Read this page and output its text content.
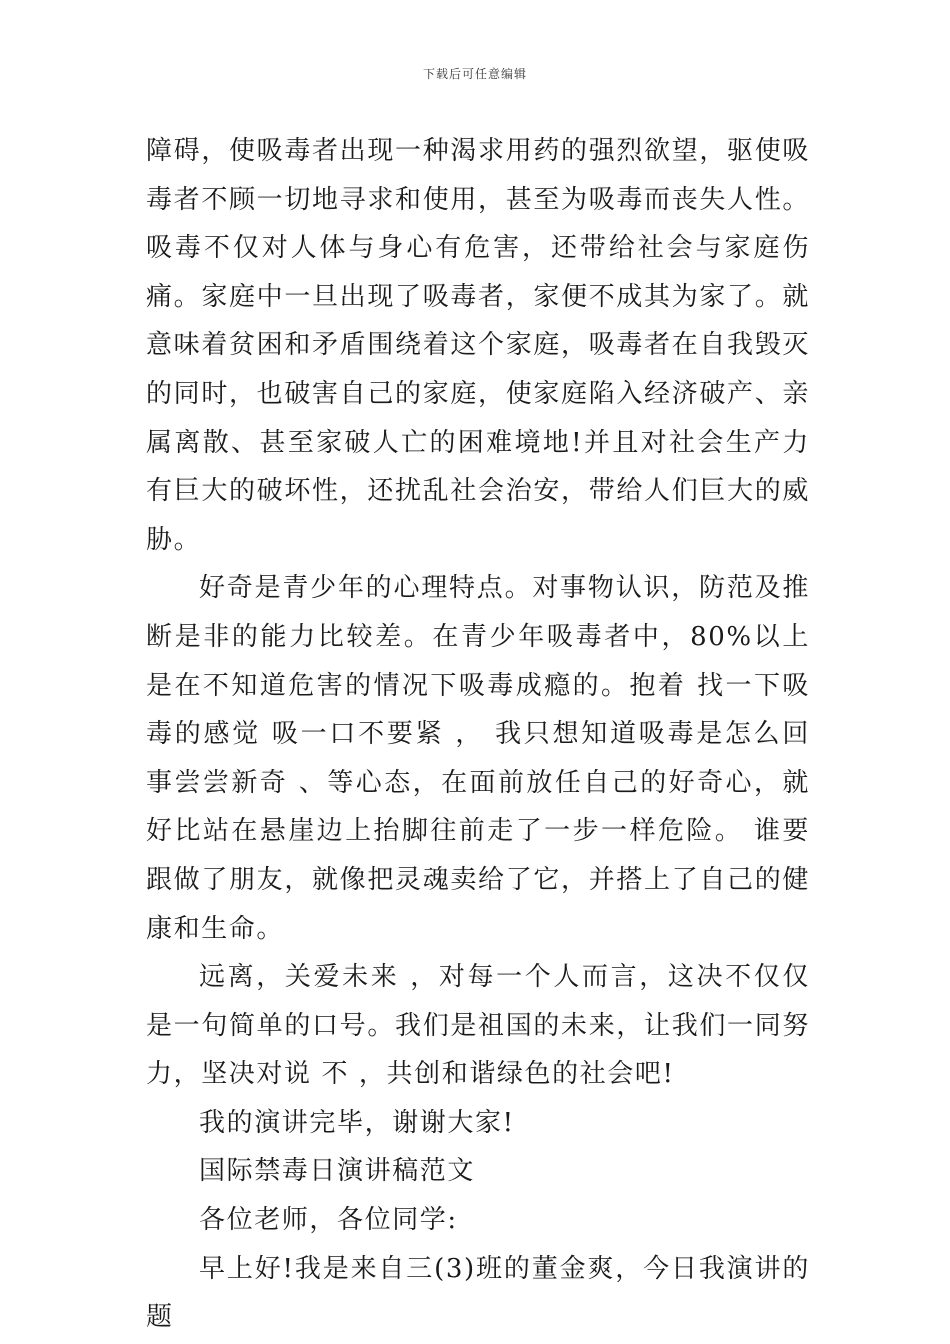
下载后可任意编辑

障碍，使吸毒者出现一种渴求用药的强烈欲望，驱使吸毒者不顾一切地寻求和使用，甚至为吸毒而丧失人性。吸毒不仅对人体与身心有危害，还带给社会与家庭伤痛。家庭中一旦出现了吸毒者，家便不成其为家了。就意味着贫困和矛盾围绕着这个家庭，吸毒者在自我毁灭的同时，也破害自己的家庭，使家庭陷入经济破产、亲属离散、甚至家破人亡的困难境地!并且对社会生产力有巨大的破坏性，还扰乱社会治安，带给人们巨大的威胁。

好奇是青少年的心理特点。对事物认识，防范及推断是非的能力比较差。在青少年吸毒者中，80%以上是在不知道危害的情况下吸毒成瘾的。抱着 找一下吸毒的感觉 吸一口不要紧 ， 我只想知道吸毒是怎么回事尝尝新奇 、等心态，在面前放任自己的好奇心，就好比站在悬崖边上抬脚往前走了一步一样危险。 谁要跟做了朋友，就像把灵魂卖给了它，并搭上了自己的健康和生命。

远离，关爱未来 ，对每一个人而言，这决不仅仅是一句简单的口号。我们是祖国的未来，让我们一同努力，坚决对说 不 ，共创和谐绿色的社会吧!

我的演讲完毕，谢谢大家!

国际禁毒日演讲稿范文

各位老师，各位同学:

早上好!我是来自三(3)班的董金爽，今日我演讲的题
